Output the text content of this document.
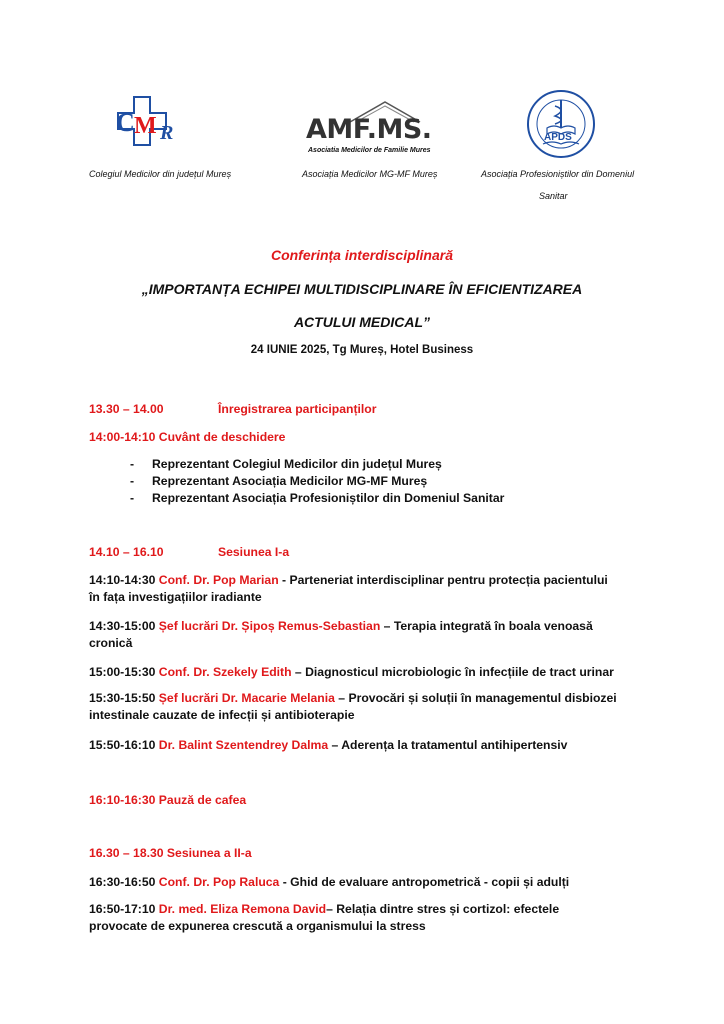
C M R	AMF.MS.
Asociatia Medicilor de Familie Mures
APDS
Colegiul Medicilor din județul Mureș	Asociația Medicilor MG-MF Mureș	Asociația Profesioniștilor din Domeniul
Sanitar
Conferința interdisciplinară
„IMPORTANȚA ECHIPEI MULTIDISCIPLINARE ÎN EFICIENTIZAREA
ACTULUI MEDICAL”
24 IUNIE 2025, Tg Mureș, Hotel Business
13.30 – 14.00	Înregistrarea participanților
14:00-14:10 Cuvânt de deschidere
- Reprezentant Colegiul Medicilor din județul Mureș
- Reprezentant Asociația Medicilor MG-MF Mureș
- Reprezentant Asociația Profesioniștilor din Domeniul Sanitar
14.10 – 16.10	Sesiunea I-a
14:10-14:30 Conf. Dr. Pop Marian - Parteneriat interdisciplinar pentru protecția pacientului
în fața investigațiilor iradiante
14:30-15:00 Șef lucrări Dr. Șipoș Remus-Sebastian – Terapia integrată în boala venoasă
cronică
15:00-15:30 Conf. Dr. Szekely Edith – Diagnosticul microbiologic în infecțiile de tract urinar
15:30-15:50 Șef lucrări Dr. Macarie Melania – Provocări și soluții în managementul disbiozei
intestinale cauzate de infecții și antibioterapie
15:50-16:10 Dr. Balint Szentendrey Dalma – Aderența la tratamentul antihipertensiv
16:10-16:30 Pauză de cafea
16.30 – 18.30 Sesiunea a II-a
16:30-16:50 Conf. Dr. Pop Raluca - Ghid de evaluare antropometrică - copii și adulți
16:50-17:10 Dr. med. Eliza Remona David– Relația dintre stres și cortizol: efectele
provocate de expunerea crescută a organismului la stress
